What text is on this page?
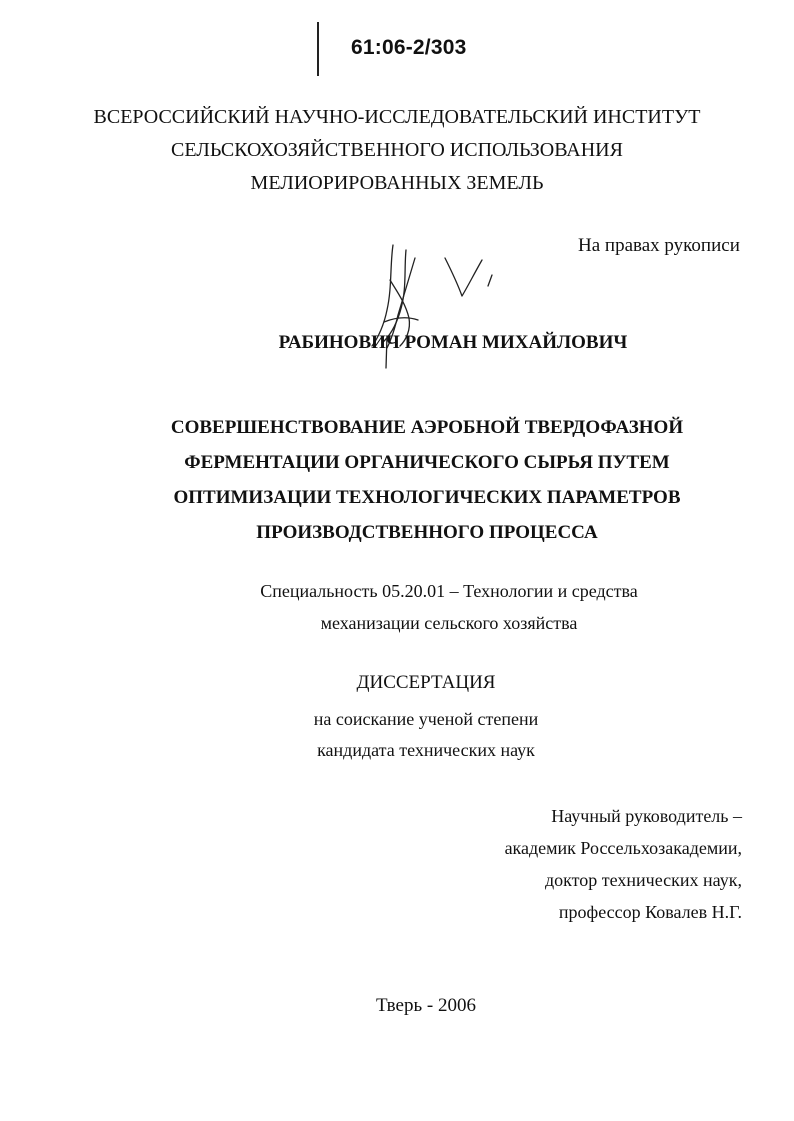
61:06-2/303
ВСЕРОССИЙСКИЙ НАУЧНО-ИССЛЕДОВАТЕЛЬСКИЙ ИНСТИТУТ
СЕЛЬСКОХОЗЯЙСТВЕННОГО ИСПОЛЬЗОВАНИЯ
МЕЛИОРИРОВАННЫХ ЗЕМЕЛЬ
На правах рукописи
РАБИНОВИЧ РОМАН МИХАЙЛОВИЧ
СОВЕРШЕНСТВОВАНИЕ АЭРОБНОЙ ТВЕРДОФАЗНОЙ
ФЕРМЕНТАЦИИ ОРГАНИЧЕСКОГО СЫРЬЯ ПУТЕМ
ОПТИМИЗАЦИИ ТЕХНОЛОГИЧЕСКИХ ПАРАМЕТРОВ
ПРОИЗВОДСТВЕННОГО ПРОЦЕССА
Специальность 05.20.01 – Технологии и средства
механизации сельского хозяйства
ДИССЕРТАЦИЯ
на соискание ученой степени
кандидата технических наук
Научный руководитель –
академик Россельхозакадемии,
доктор технических наук,
профессор Ковалев Н.Г.
Тверь - 2006
